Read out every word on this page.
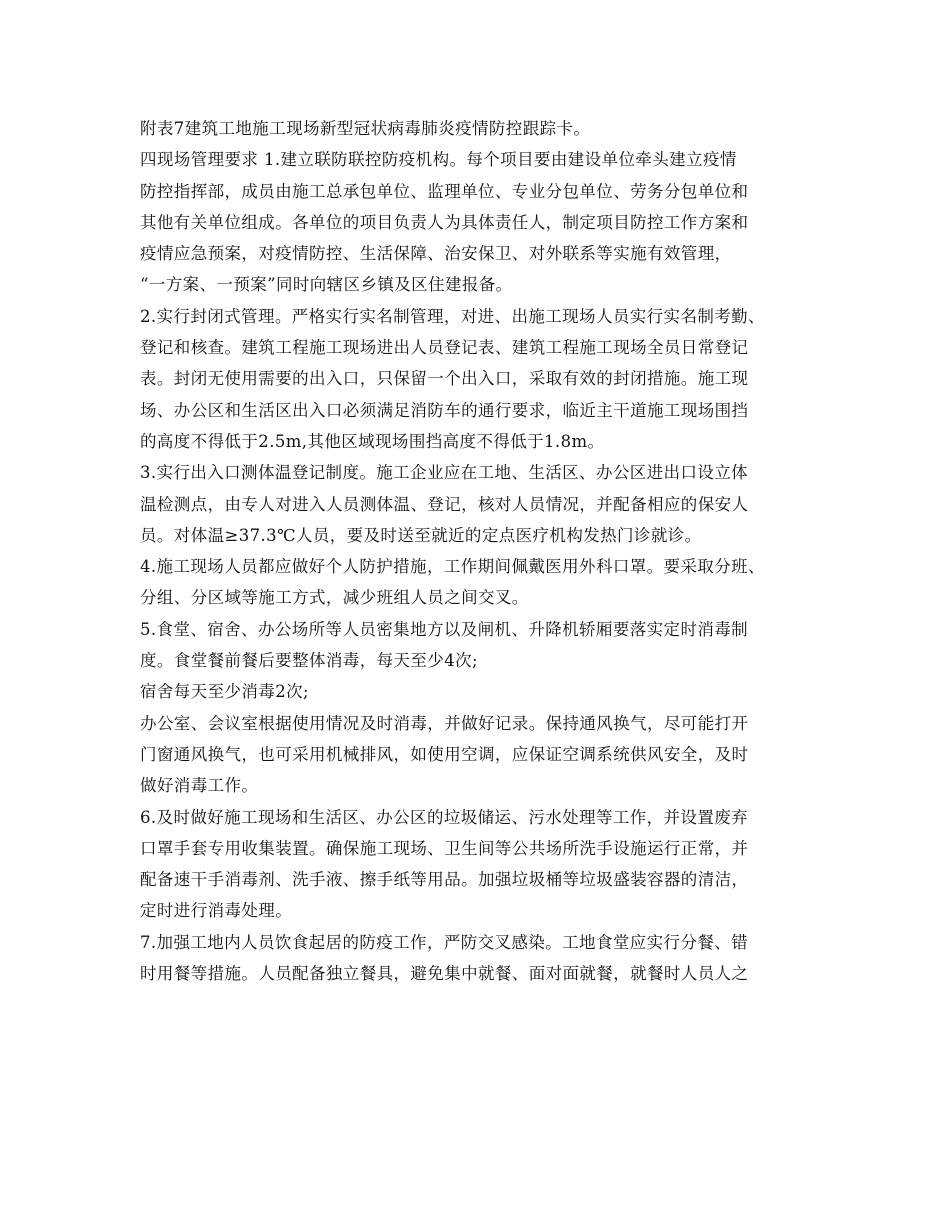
附表7建筑工地施工现场新型冠状病毒肺炎疫情防控跟踪卡。
四现场管理要求 1.建立联防联控防疫机构。每个项目要由建设单位牵头建立疫情
防控指挥部，成员由施工总承包单位、监理单位、专业分包单位、劳务分包单位和
其他有关单位组成。各单位的项目负责人为具体责任人，制定项目防控工作方案和
疫情应急预案，对疫情防控、生活保障、治安保卫、对外联系等实施有效管理，
“一方案、一预案”同时向辖区乡镇及区住建报备。
2.实行封闭式管理。严格实行实名制管理，对进、出施工现场人员实行实名制考勤、
登记和核查。建筑工程施工现场进出人员登记表、建筑工程施工现场全员日常登记
表。封闭无使用需要的出入口，只保留一个出入口，采取有效的封闭措施。施工现
场、办公区和生活区出入口必须满足消防车的通行要求，临近主干道施工现场围挡
的高度不得低于2.5m,其他区域现场围挡高度不得低于1.8m。
3.实行出入口测体温登记制度。施工企业应在工地、生活区、办公区进出口设立体
温检测点，由专人对进入人员测体温、登记，核对人员情况，并配备相应的保安人
员。对体温≥37.3℃人员，要及时送至就近的定点医疗机构发热门诊就诊。
4.施工现场人员都应做好个人防护措施，工作期间佩戴医用外科口罩。要采取分班、
分组、分区域等施工方式，减少班组人员之间交叉。
5.食堂、宿舍、办公场所等人员密集地方以及闸机、升降机轿厢要落实定时消毒制
度。食堂餐前餐后要整体消毒，每天至少4次;
宿舍每天至少消毒2次;
办公室、会议室根据使用情况及时消毒，并做好记录。保持通风换气，尽可能打开
门窗通风换气，也可采用机械排风，如使用空调，应保证空调系统供风安全，及时
做好消毒工作。
6.及时做好施工现场和生活区、办公区的垃圾储运、污水处理等工作，并设置废弃
口罩手套专用收集装置。确保施工现场、卫生间等公共场所洗手设施运行正常，并
配备速干手消毒剂、洗手液、擦手纸等用品。加强垃圾桶等垃圾盛装容器的清洁，
定时进行消毒处理。
7.加强工地内人员饮食起居的防疫工作，严防交叉感染。工地食堂应实行分餐、错
时用餐等措施。人员配备独立餐具，避免集中就餐、面对面就餐，就餐时人员人之
